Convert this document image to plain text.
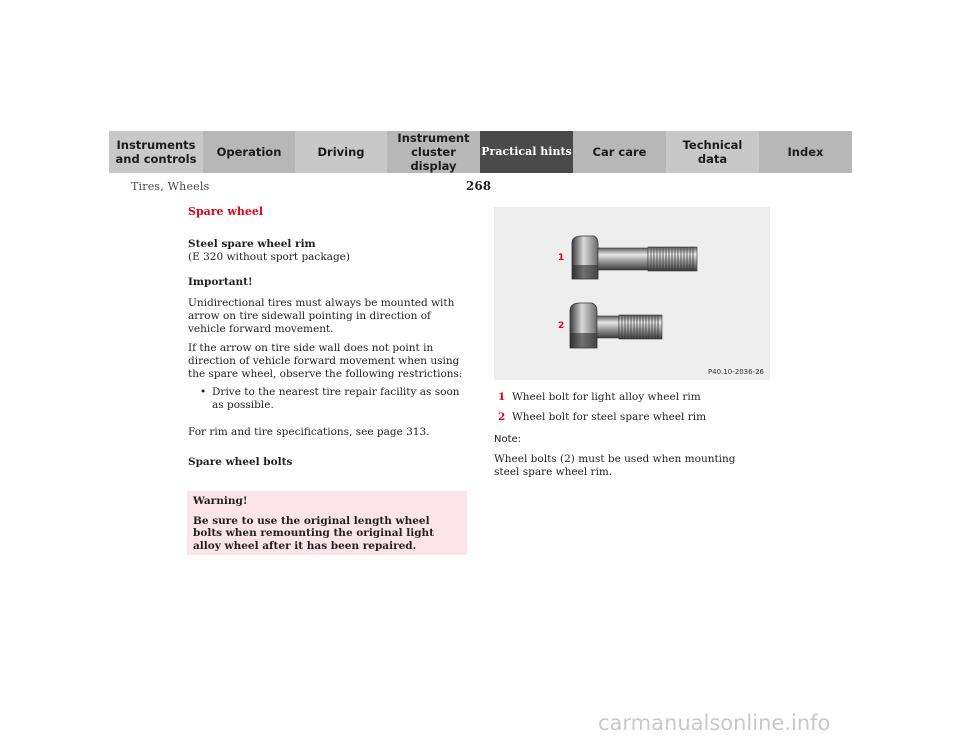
Instruments
and controls Operation	Driving
Instrument
cluster display
Practical hints Car care	Technical
data	Index
Tires, Wheels	268

Spare wheel

Steel spare wheel rim

(E 320 without sport package)

Important!

Unidirectional tires must always be mounted with arrow on tire sidewall pointing in direction of vehicle forward movement.

If the arrow on tire side wall does not point in direction of vehicle forward movement when using the spare wheel, observe the following restrictions:

• Drive to the nearest tire repair facility as soon as possible.

For rim and tire specifications, see page 313.

Spare wheel bolts

Warning!
Be sure to use the original length wheel bolts when remounting the original light alloy wheel after it has been repaired.
1
2
P40.10-2036-26

1 Wheel bolt for light alloy wheel rim

2 Wheel bolt for steel spare wheel rim

Note:

Wheel bolts (2) must be used when mounting steel spare wheel rim.

carmanualsonline.info
